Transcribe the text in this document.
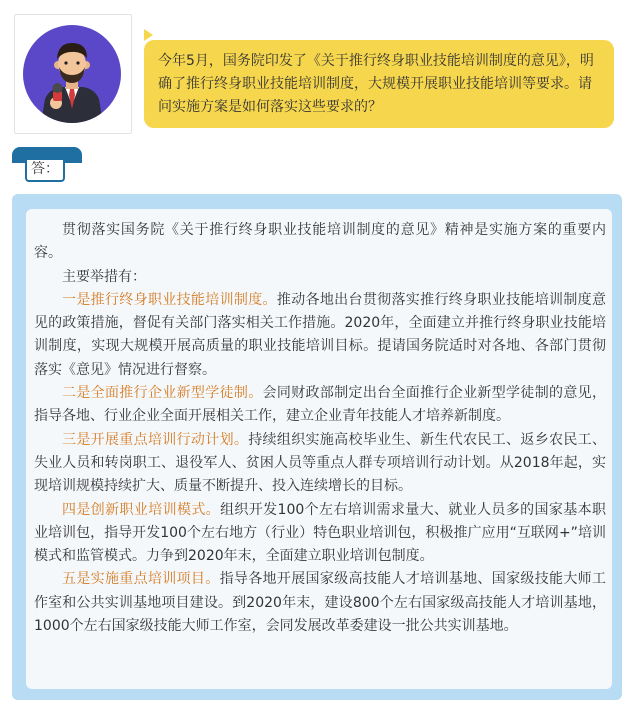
今年5月，国务院印发了《关于推行终身职业技能培训制度的意见》，明确了推行终身职业技能培训制度，大规模开展职业技能培训等要求。请问实施方案是如何落实这些要求的？
答：

贯彻落实国务院《关于推行终身职业技能培训制度的意见》精神是实施方案的重要内容。

主要举措有：

一是推行终身职业技能培训制度。推动各地出台贯彻落实推行终身职业技能培训制度意见的政策措施，督促有关部门落实相关工作措施。2020年，全面建立并推行终身职业技能培训制度，实现大规模开展高质量的职业技能培训目标。提请国务院适时对各地、各部门贯彻落实《意见》情况进行督察。

二是全面推行企业新型学徒制。会同财政部制定出台全面推行企业新型学徒制的意见，指导各地、行业企业全面开展相关工作，建立企业青年技能人才培养新制度。

三是开展重点培训行动计划。持续组织实施高校毕业生、新生代农民工、返乡农民工、失业人员和转岗职工、退役军人、贫困人员等重点人群专项培训行动计划。从2018年起，实现培训规模持续扩大、质量不断提升、投入连续增长的目标。

四是创新职业培训模式。组织开发100个左右培训需求量大、就业人员多的国家基本职业培训包，指导开发100个左右地方（行业）特色职业培训包，积极推广应用“互联网+”培训模式和监管模式。力争到2020年末，全面建立职业培训包制度。

五是实施重点培训项目。指导各地开展国家级高技能人才培训基地、国家级技能大师工作室和公共实训基地项目建设。到2020年末，建设800个左右国家级高技能人才培训基地，1000个左右国家级技能大师工作室，会同发展改革委建设一批公共实训基地。
